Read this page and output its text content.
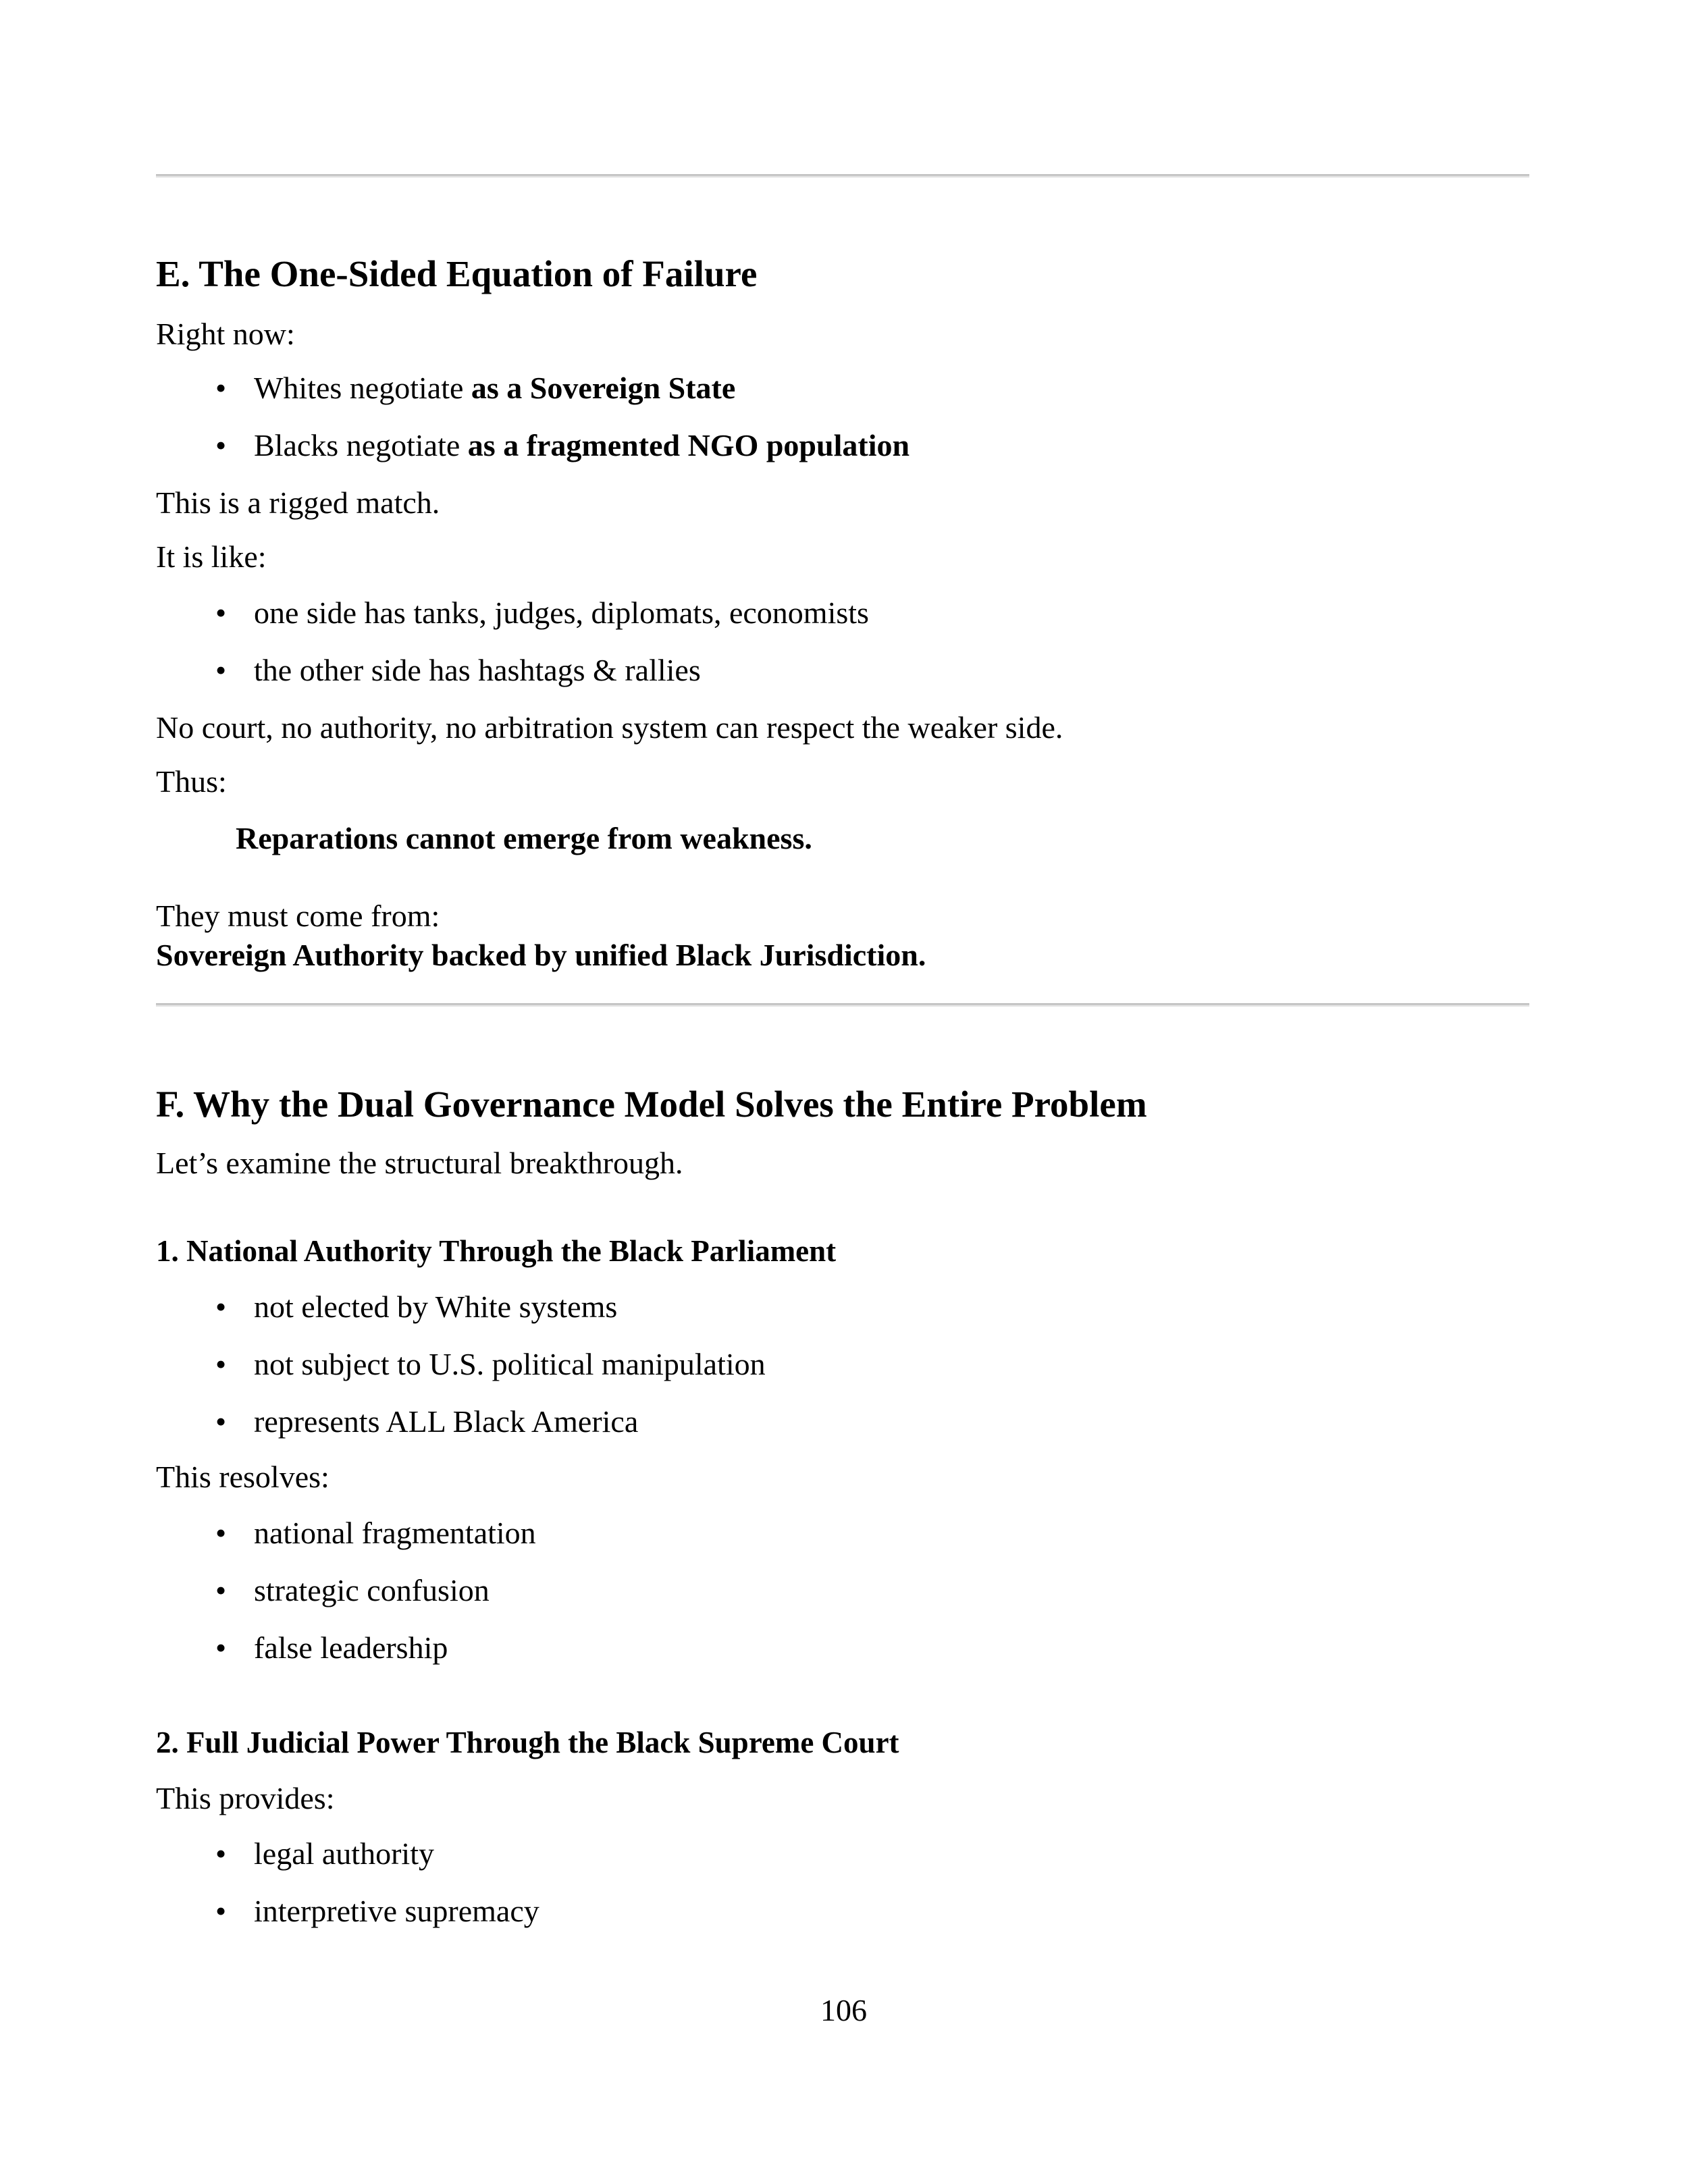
E. The One-Sided Equation of Failure
Right now:
• Whites negotiate as a Sovereign State
• Blacks negotiate as a fragmented NGO population
This is a rigged match.
It is like:
• one side has tanks, judges, diplomats, economists
• the other side has hashtags & rallies
No court, no authority, no arbitration system can respect the weaker side.
Thus:
Reparations cannot emerge from weakness.
They must come from:
Sovereign Authority backed by unified Black Jurisdiction.
F. Why the Dual Governance Model Solves the Entire Problem
Let’s examine the structural breakthrough.
1. National Authority Through the Black Parliament
• not elected by White systems
• not subject to U.S. political manipulation
• represents ALL Black America
This resolves:
• national fragmentation
• strategic confusion
• false leadership
2. Full Judicial Power Through the Black Supreme Court
This provides:
• legal authority
• interpretive supremacy
106
